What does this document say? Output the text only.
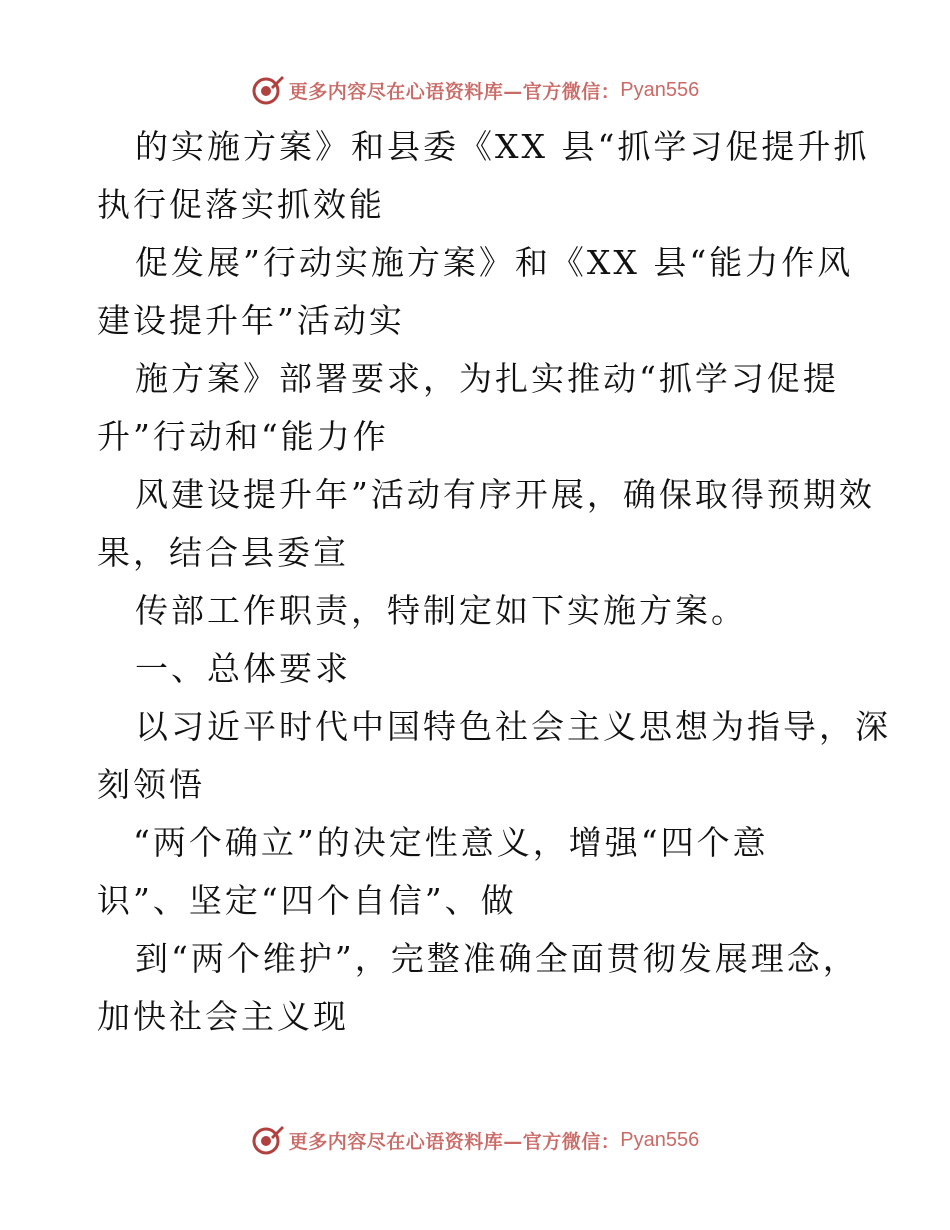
更多内容尽在心语资料库—官方微信： Pyan556
的实施方案》和县委《XX 县“抓学习促提升抓
执行促落实抓效能
促发展”行动实施方案》和《XX 县“能力作风
建设提升年”活动实
施方案》部署要求，为扎实推动“抓学习促提
升”行动和“能力作
风建设提升年”活动有序开展，确保取得预期效
果，结合县委宣
传部工作职责，特制定如下实施方案。
一、总体要求
以习近平时代中国特色社会主义思想为指导，深
刻领悟
“两个确立”的决定性意义，增强“四个意
识”、坚定“四个自信”、做
到“两个维护”，完整准确全面贯彻发展理念，
加快社会主义现
更多内容尽在心语资料库—官方微信： Pyan556
